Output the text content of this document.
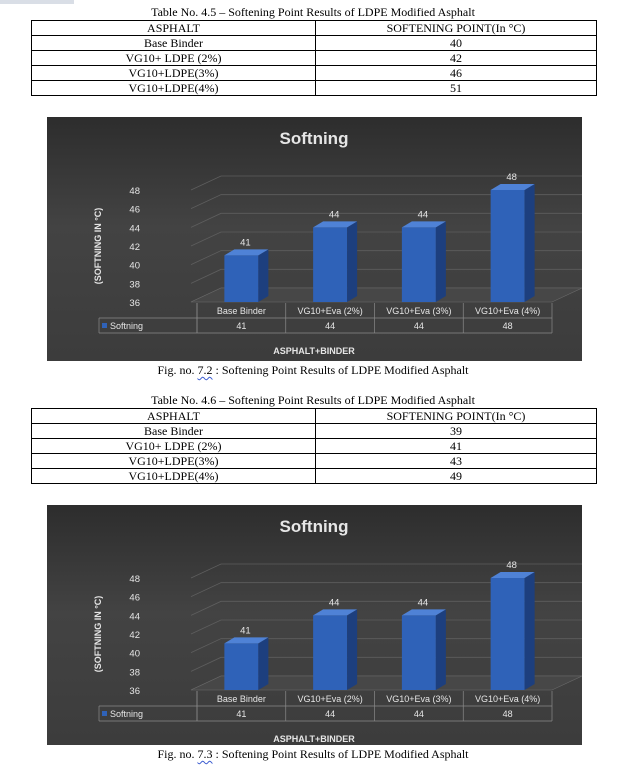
Table No. 4.5 – Softening Point Results of LDPE Modified Asphalt
ASPHALT	SOFTENING POINT(In °C)
Base Binder	40
VG10+ LDPE (2%)	42
VG10+LDPE(3%)	46
VG10+LDPE(4%)	51
Softning
36
38
40
42
44
46
48
(SOFTNING IN °C)	41
44	44
48
Base Binder
41
VG10+Eva (2%)
44
VG10+Eva (3%)
44
VG10+Eva (4%)
48
Softning
ASPHALT+BINDER
Fig. no. 7.2 : Softening Point Results of LDPE Modified Asphalt
Table No. 4.6 – Softening Point Results of LDPE Modified Asphalt
ASPHALT	SOFTENING POINT(In °C)
Base Binder	39
VG10+ LDPE (2%)	41
VG10+LDPE(3%)	43
VG10+LDPE(4%)	49
Softning
36
38
40
42
44
46
48
(SOFTNING IN °C)	41
44	44
48
Base Binder
41
VG10+Eva (2%)
44
VG10+Eva (3%)
44
VG10+Eva (4%)
48
Softning
ASPHALT+BINDER
Fig. no. 7.3 : Softening Point Results of LDPE Modified Asphalt
